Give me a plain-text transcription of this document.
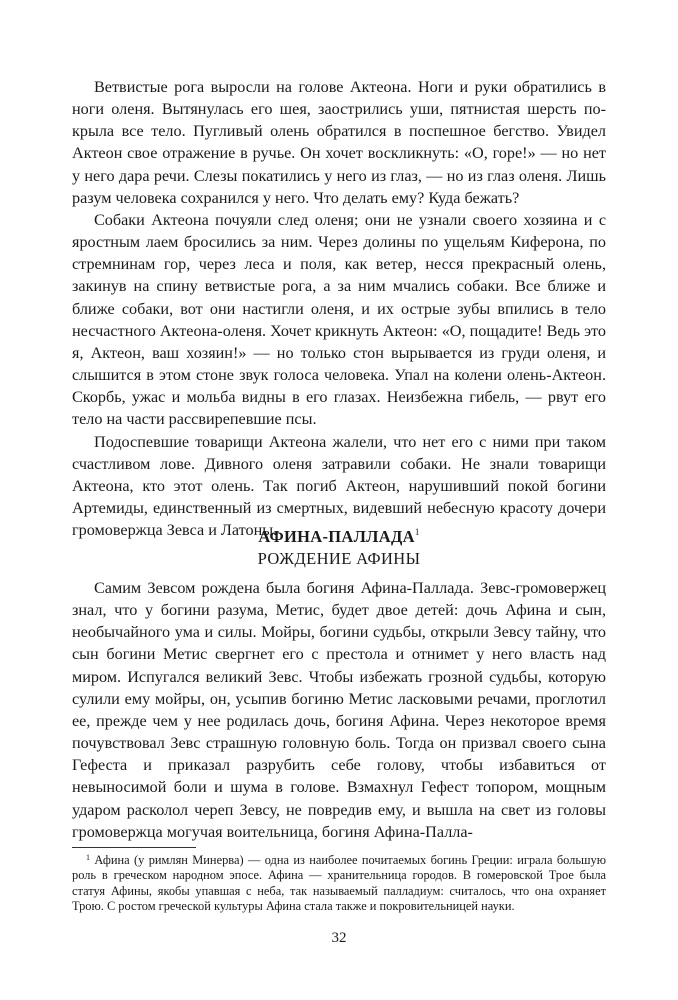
Ветвистые рога выросли на голове Актеона. Ноги и руки обратились в ноги оленя. Вытянулась его шея, заострились уши, пятнистая шерсть покрыла все тело. Пугливый олень обратился в поспешное бегство. Увидел Актеон свое отражение в ручье. Он хочет воскликнуть: «О, горе!» — но нет у него дара речи. Слезы покатились у него из глаз, — но из глаз оленя. Лишь разум человека сохранился у него. Что делать ему? Куда бежать?

Собаки Актеона почуяли след оленя; они не узнали своего хозяина и с яростным лаем бросились за ним. Через долины по ущельям Киферона, по стремнинам гор, через леса и поля, как ветер, несся прекрасный олень, закинув на спину ветвистые рога, а за ним мчались собаки. Все ближе и ближе собаки, вот они настигли оленя, и их острые зубы впились в тело несчастного Актеона-оленя. Хочет крикнуть Актеон: «О, пощадите! Ведь это я, Актеон, ваш хозяин!» — но только стон вырывается из груди оленя, и слышится в этом стоне звук голоса человека. Упал на колени олень-Актеон. Скорбь, ужас и мольба видны в его глазах. Неизбежна гибель, — рвут его тело на части рассвирепевшие псы.

Подоспевшие товарищи Актеона жалели, что нет его с ними при таком счастливом лове. Дивного оленя затравили собаки. Не знали товарищи Актеона, кто этот олень. Так погиб Актеон, нарушивший покой богини Артемиды, единственный из смертных, видевший небесную красоту дочери громовержца Зевса и Латоны.

АФИНА-ПАЛЛАДА$^1$
РОЖДЕНИЕ АФИНЫ

Самим Зевсом рождена была богиня Афина-Паллада. Зевс-громовержец знал, что у богини разума, Метис, будет двое детей: дочь Афина и сын, необычайного ума и силы. Мойры, богини судьбы, открыли Зевсу тайну, что сын богини Метис свергнет его с престола и отнимет у него власть над миром. Испугался великий Зевс. Чтобы избежать грозной судьбы, которую сулили ему мойры, он, усыпив богиню Метис ласковыми речами, проглотил ее, прежде чем у нее родилась дочь, богиня Афина. Через некоторое время почувствовал Зевс страшную головную боль. Тогда он призвал своего сына Гефеста и приказал разрубить себе голову, чтобы избавиться от невыносимой боли и шума в голове. Взмахнул Гефест топором, мощным ударом расколол череп Зевсу, не повредив ему, и вышла на свет из головы громовержца могучая воительница, богиня Афина-Палла-

$^1$ Афина (у римлян Минерва) — одна из наиболее почитаемых богинь Греции: играла большую роль в греческом народном эпосе. Афина — хранительница городов. В гомеровской Трое была статуя Афины, якобы упавшая с неба, так называемый палладиум: считалось, что она охраняет Трою. С ростом греческой культуры Афина стала также и покровительницей науки.

32
